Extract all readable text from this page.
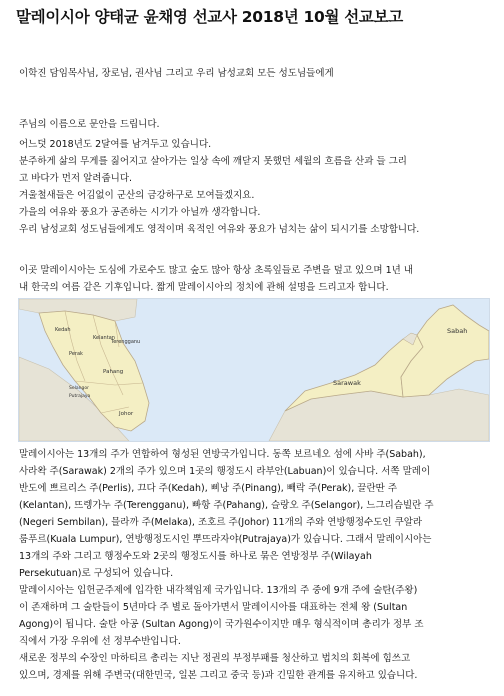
말레이시아 양태균 윤채영 선교사 2018년 10월 선교보고
이학진 담임목사님, 장로님, 권사님 그리고 우리 남성교회 모든 성도님들에게
주님의 이름으로 문안을 드립니다.
어느덧 2018년도 2달여를 남겨두고 있습니다.
분주하게 삶의 무게를 짊어지고 살아가는 일상 속에 깨닫지 못했던 세월의 흐름을 산과 들 그리
고 바다가 먼저 알려줍니다.
겨울철새들은 어김없이 군산의 금강하구로 모여들겠지요.
가을의 여유와 풍요가 공존하는 시기가 아닐까 생각합니다.
우리 남성교회 성도님들에게도 영적이며 육적인 여유와 풍요가 넘치는 삶이 되시기를 소망합니다.
이곳 말레이시아는 도심에 가로수도 많고 숲도 많아 항상 초록잎들로 주변을 덮고 있으며 1년 내
내 한국의 여름 같은 기후입니다. 짧게 말레이시아의 정치에 관해 설명을 드리고자 합니다.
Kelantan
Kedah
Terengganu
Perak
Pahang
Selangor
Putrajaya
Johor
Sarawak
Sabah
말레이시아는 13개의 주가 연합하여 형성된 연방국가입니다. 동쪽 보르네오 섬에 사바 주(Sabah),
사라왁 주(Sarawak) 2개의 주가 있으며 1곳의 행정도시 라부안(Labuan)이 있습니다. 서쪽 말레이
반도에 쁘르리스 주(Perlis), 끄다 주(Kedah), 삐낭 주(Pinang), 빼락 주(Perak), 끌란딴 주
(Kelantan), 뜨렝가누 주(Terengganu), 빠항 주(Pahang), 슬랑오 주(Selangor), 느그리슴빌란 주
(Negeri Sembilan), 믈라까 주(Melaka), 조호르 주(Johor) 11개의 주와 연방행정수도인 쿠알라
룸푸르(Kuala Lumpur), 연방행정도시인 뿌뜨라자야(Putrajaya)가 있습니다. 그래서 말레이시아는
13개의 주와 그리고 행정수도와 2곳의 행정도시를 하나로 묶은 연방정부 주(Wilayah
Persekutuan)로 구성되어 있습니다.
말레이시아는 입헌군주제에 입각한 내각책임제 국가입니다. 13개의 주 중에 9개 주에 술탄(주왕)
이 존재하며 그 술탄들이 5년마다 주 별로 돌아가면서 말레이시아를 대표하는 전체 왕 (Sultan
Agong)이 됩니다. 술탄 아공 (Sultan Agong)이 국가원수이지만 매우 형식적이며 총리가 정부 조
직에서 가장 우위에 선 정부수반입니다.
새로운 정부의 수장인 마하티르 총리는 지난 정권의 부정부패를 청산하고 법치의 회복에 힘쓰고
있으며, 경제를 위해 주변국(대한민국, 일본 그리고 중국 등)과 긴밀한 관계를 유지하고 있습니다.
